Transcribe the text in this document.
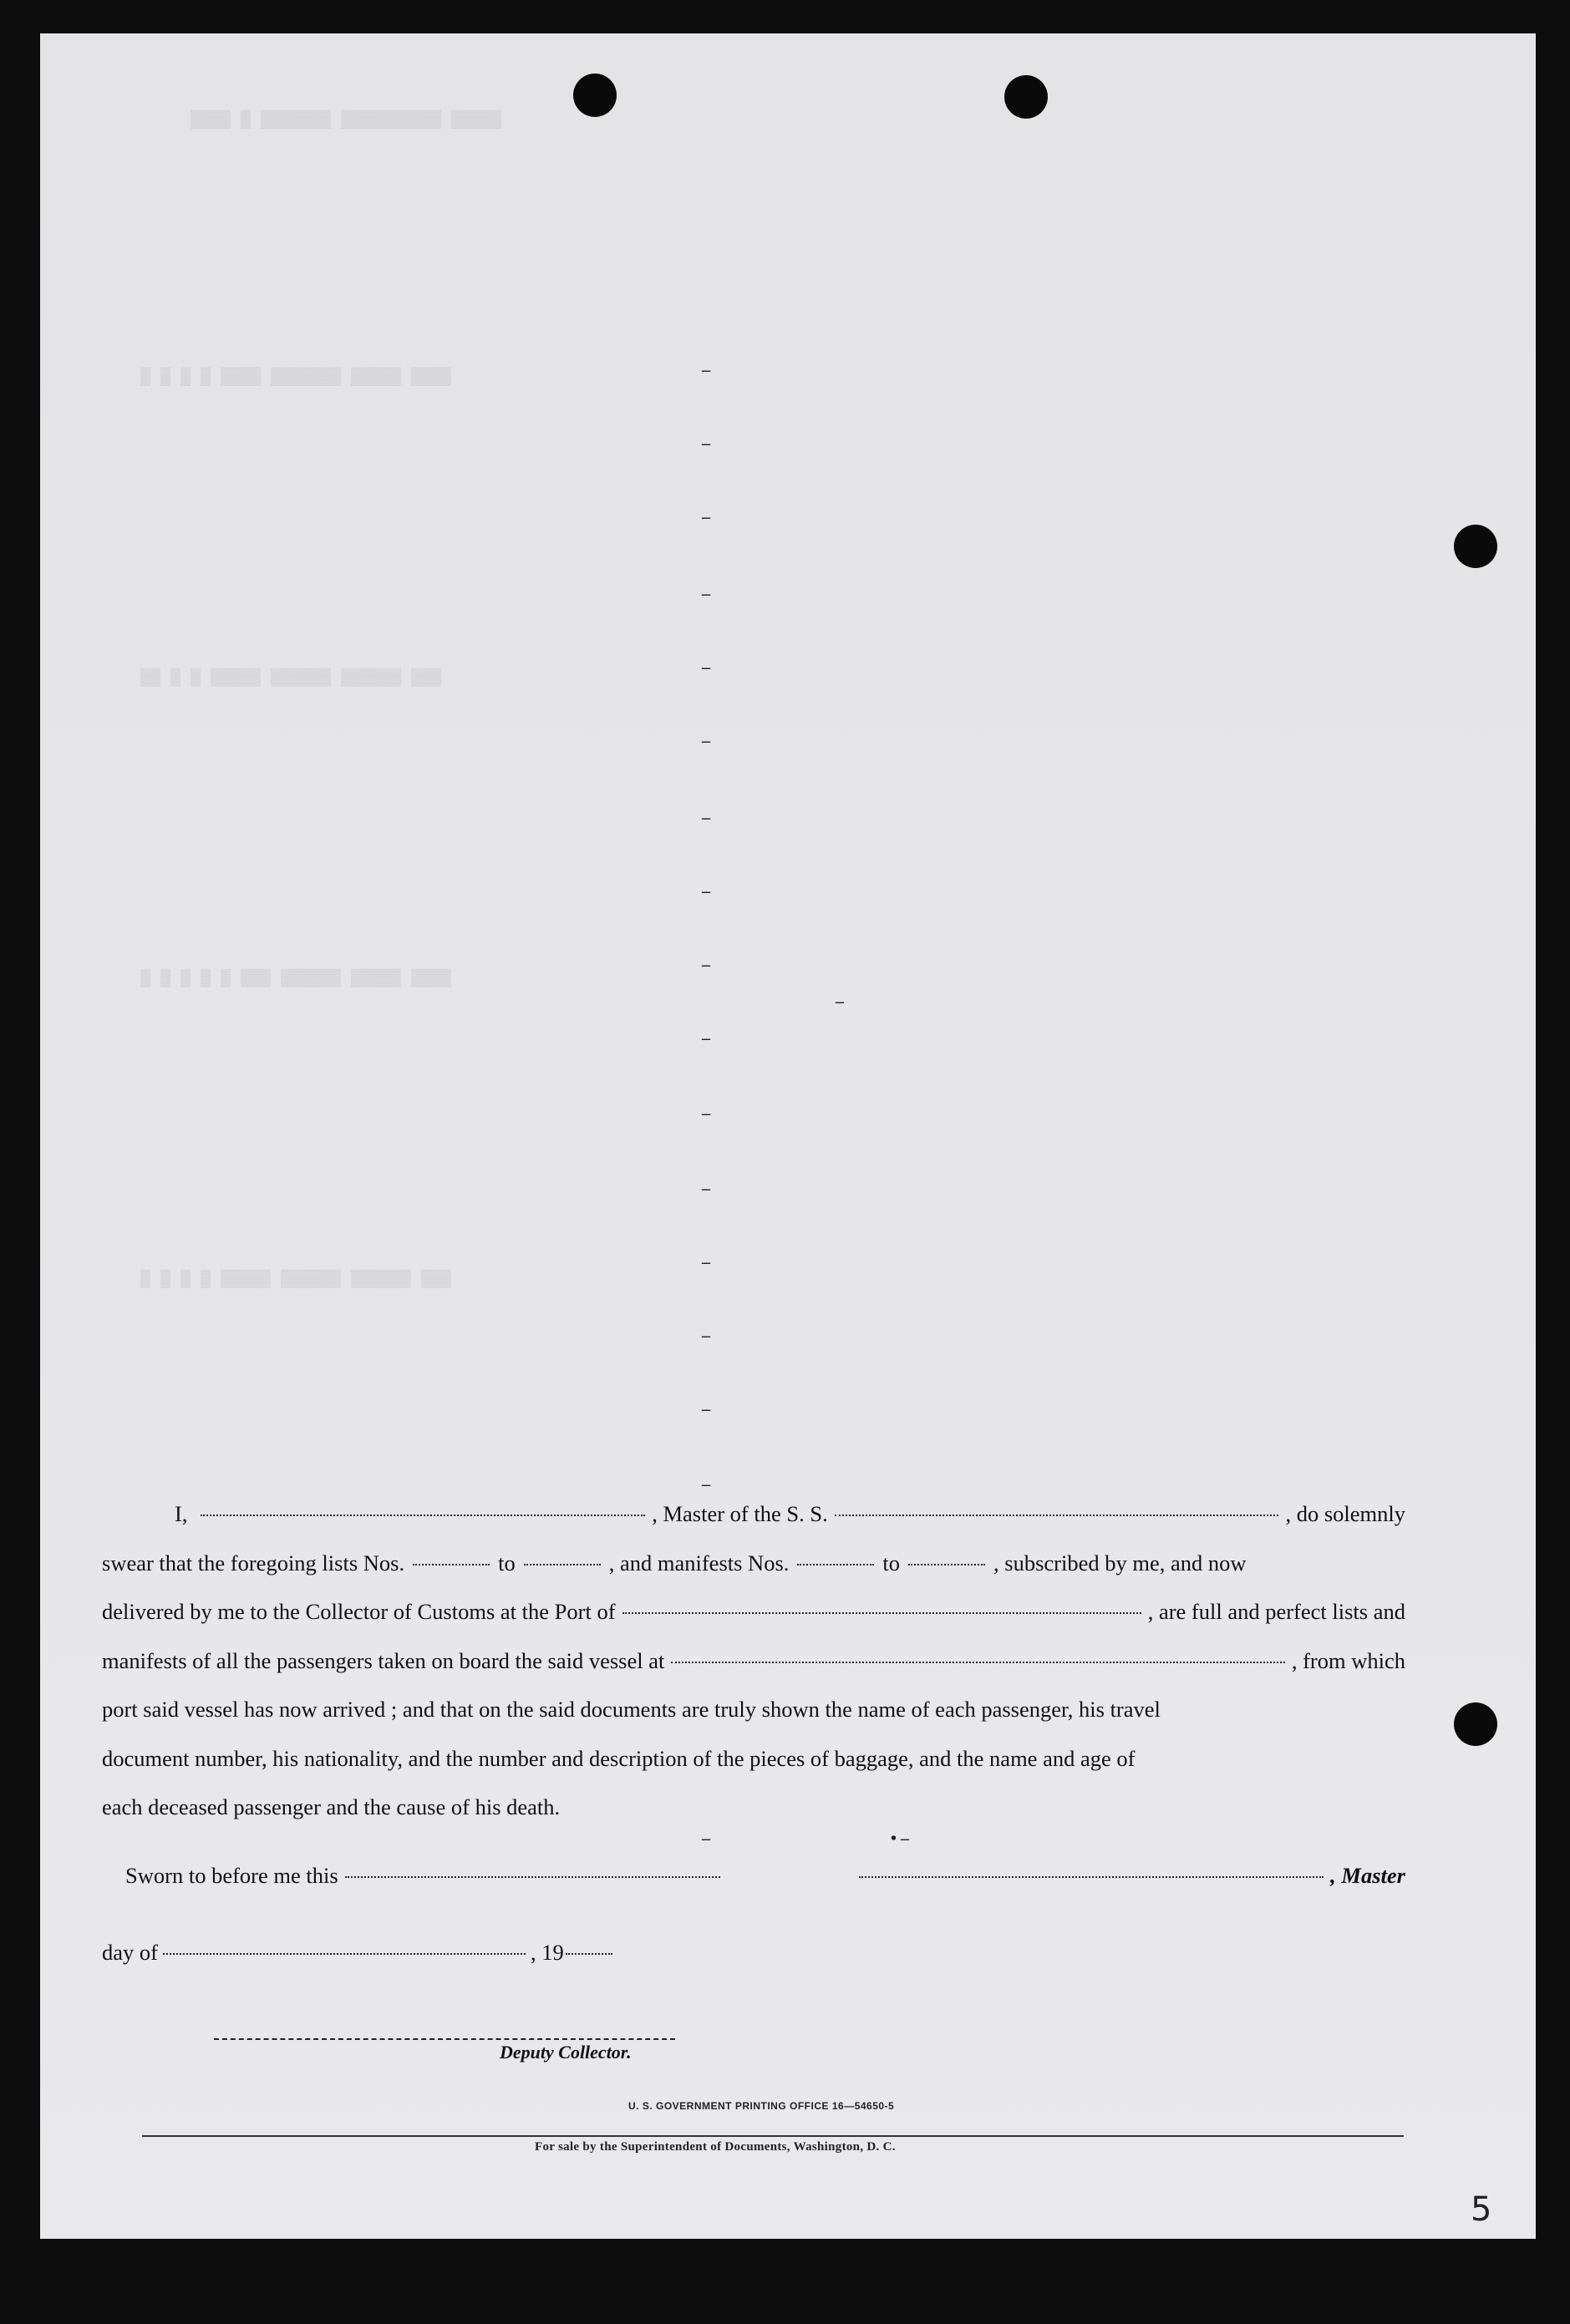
▓▓▓▓ ▓ ▓▓▓▓▓▓▓ ▓▓▓▓▓▓▓▓▓▓ ▓▓▓▓▓
▓ ▓ ▓ ▓ ▓▓▓▓ ▓▓▓▓▓▓▓ ▓▓▓▓▓ ▓▓▓▓
▓▓ ▓ ▓ ▓▓▓▓▓ ▓▓▓▓▓▓ ▓▓▓▓▓▓ ▓▓▓
▓ ▓ ▓ ▓ ▓ ▓▓▓ ▓▓▓▓▓▓ ▓▓▓▓▓ ▓▓▓▓
▓ ▓ ▓ ▓ ▓▓▓▓▓ ▓▓▓▓▓▓ ▓▓▓▓▓▓ ▓▓▓
–
–
–
–
–
–
–
–
–
–
–
–
–
–
–
–
–
–
• –
I,	, Master of the S. S.	, do solemnly
swear that the foregoing lists Nos.	to	, and manifests Nos.	to	, subscribed by me, and now
delivered by me to the Collector of Customs at the Port of	, are full and perfect lists and
manifests of all the passengers taken on board the said vessel at	, from which
port said vessel has now arrived ; and that on the said documents are truly shown the name of each passenger, his travel
document number, his nationality, and the number and description of the pieces of baggage, and the name and age of
each deceased passenger and the cause of his death.
Sworn to before me this	, Master
day of	, 19
Deputy Collector.
U. S. GOVERNMENT PRINTING OFFICE 16—54650-5
For sale by the Superintendent of Documents, Washington, D. C.
5
